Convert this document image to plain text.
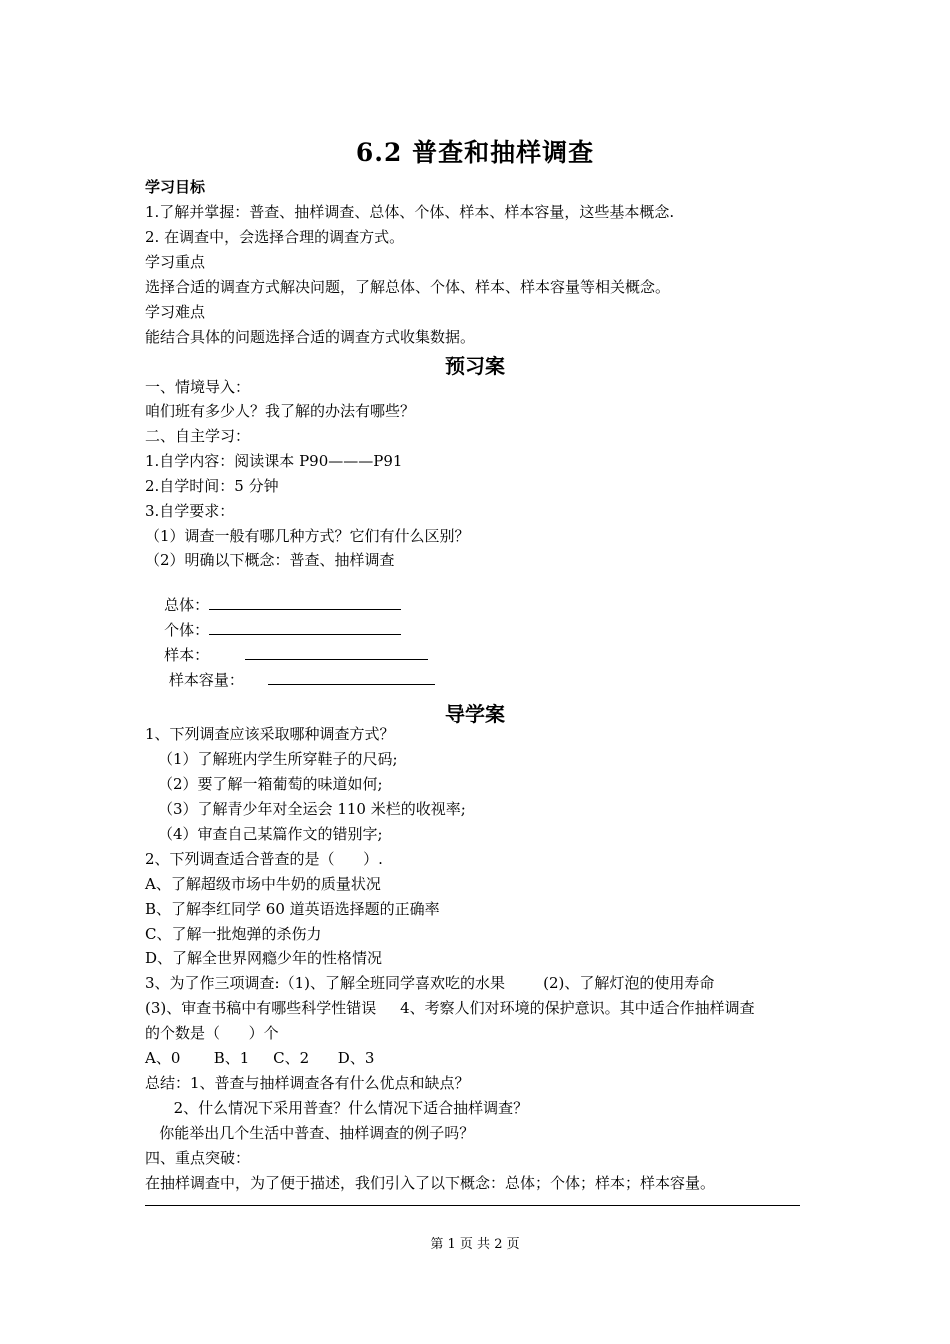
6.2 普查和抽样调查
学习目标
1.了解并掌握：普查、抽样调查、总体、个体、样本、样本容量，这些基本概念.
2. 在调查中，会选择合理的调查方式。
学习重点
选择合适的调查方式解决问题，了解总体、个体、样本、样本容量等相关概念。
学习难点
能结合具体的问题选择合适的调查方式收集数据。
预习案
一、情境导入：
咱们班有多少人？我了解的办法有哪些？
二、自主学习：
1.自学内容：阅读课本 P90———P91
2.自学时间：5 分钟
3.自学要求：
（1）调查一般有哪几种方式？它们有什么区别？
（2）明确以下概念：普查、抽样调查

总体：

个体：

样本：

样本容量：

导学案
1、下列调查应该采取哪种调查方式？
（1）了解班内学生所穿鞋子的尺码;
（2）要了解一箱葡萄的味道如何;
（3）了解青少年对全运会 110 米栏的收视率;
（4）审查自己某篇作文的错别字;
2、下列调查适合普查的是（      ）.
A、了解超级市场中牛奶的质量状况
B、了解李红同学 60 道英语选择题的正确率
C、了解一批炮弹的杀伤力
D、了解全世界网瘾少年的性格情况
3、为了作三项调查:（1)、了解全班同学喜欢吃的水果        (2)、了解灯泡的使用寿命
(3)、审查书稿中有哪些科学性错误     4、考察人们对环境的保护意识。其中适合作抽样调查
的个数是（      ）个
A、0       B、1     C、2      D、3
总结：1、普查与抽样调查各有什么优点和缺点？
2、什么情况下采用普查？什么情况下适合抽样调查？
你能举出几个生活中普查、抽样调查的例子吗？
四、重点突破：
在抽样调查中，为了便于描述，我们引入了以下概念：总体；个体；样本；样本容量。
第 1 页 共 2 页
